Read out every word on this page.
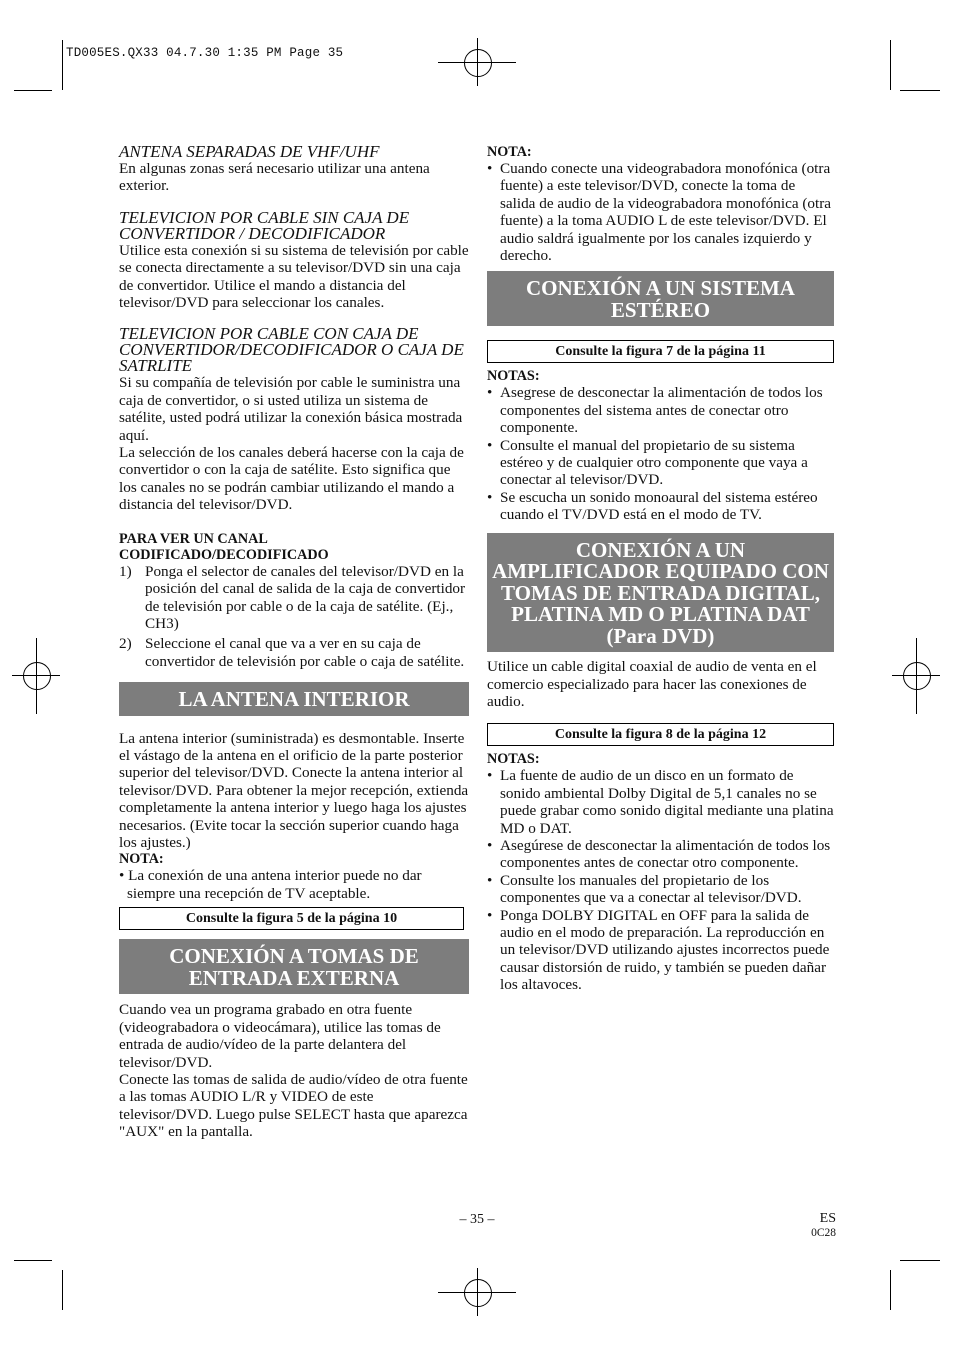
TD005ES.QX33 04.7.30 1:35 PM Page 35

ANTENA SEPARADAS DE VHF/UHF

En algunas zonas será necesario utilizar una antena exterior.

TELEVICION POR CABLE SIN CAJA DE CONVERTIDOR / DECODIFICADOR

Utilice esta conexión si su sistema de televisión por cable se conecta directamente a su televisor/DVD sin una caja de convertidor. Utilice el mando a distancia del televisor/DVD para seleccionar los canales.

TELEVICION POR CABLE CON CAJA DE CONVERTIDOR/DECODIFICADOR O CAJA DE SATRLITE

Si su compañía de televisión por cable le suministra una caja de convertidor, o si usted utiliza un sistema de satélite, usted podrá utilizar la conexión básica mostrada aquí.

La selección de los canales deberá hacerse con la caja de convertidor o con la caja de satélite. Esto significa que los canales no se podrán cambiar utilizando el mando a distancia del televisor/DVD.

PARA VER UN CANAL CODIFICADO/DECODIFICADO

1) Ponga el selector de canales del televisor/DVD en la posición del canal de salida de la caja de convertidor de televisión por cable o de la caja de satélite. (Ej., CH3)
2) Seleccione el canal que va a ver en su caja de convertidor de televisión por cable o caja de satélite.
LA ANTENA INTERIOR

La antena interior (suministrada) es desmontable. Inserte el vástago de la antena en el orificio de la parte posterior superior del televisor/DVD. Conecte la antena interior al televisor/DVD. Para obtener la mejor recepción, extienda completamente la antena interior y luego haga los ajustes necesarios. (Evite tocar la sección superior cuando haga los ajustes.)

NOTA:

• La conexión de una antena interior puede no dar siempre una recepción de TV aceptable.

Consulte la figura 5 de la página 10
CONEXIÓN A TOMAS DE ENTRADA EXTERNA

Cuando vea un programa grabado en otra fuente (videograbadora o videocámara), utilice las tomas de entrada de audio/vídeo de la parte delantera del televisor/DVD.

Conecte las tomas de salida de audio/vídeo de otra fuente a las tomas AUDIO L/R y VIDEO de este televisor/DVD. Luego pulse SELECT hasta que aparezca "AUX" en la pantalla.

NOTA:

• Cuando conecte una videograbadora monofónica (otra fuente) a este televisor/DVD, conecte la toma de salida de audio de la videograbadora monofónica (otra fuente) a la toma AUDIO L de este televisor/DVD. El audio saldrá igualmente por los canales izquierdo y derecho.
CONEXIÓN A UN SISTEMA ESTÉREO
Consulte la figura 7 de la página 11

NOTAS:

• Asegrese de desconectar la alimentación de todos los componentes del sistema antes de conectar otro componente.
• Consulte el manual del propietario de su sistema estéreo y de cualquier otro componente que vaya a conectar al televisor/DVD.
• Se escucha un sonido monoaural del sistema estéreo cuando el TV/DVD está en el modo de TV.
CONEXIÓN A UN AMPLIFICADOR EQUIPADO CON TOMAS DE ENTRADA DIGITAL, PLATINA MD O PLATINA DAT (Para DVD)

Utilice un cable digital coaxial de audio de venta en el comercio especializado para hacer las conexiones de audio.

Consulte la figura 8 de la página 12

NOTAS:

• La fuente de audio de un disco en un formato de sonido ambiental Dolby Digital de 5,1 canales no se puede grabar como sonido digital mediante una platina MD o DAT.
• Asegúrese de desconectar la alimentación de todos los componentes antes de conectar otro componente.
• Consulte los manuales del propietario de los componentes que va a conectar al televisor/DVD.
• Ponga DOLBY DIGITAL en OFF para la salida de audio en el modo de preparación. La reproducción en un televisor/DVD utilizando ajustes incorrectos puede causar distorsión de ruido, y también se pueden dañar los altavoces.
– 35 –	ES
0C28
